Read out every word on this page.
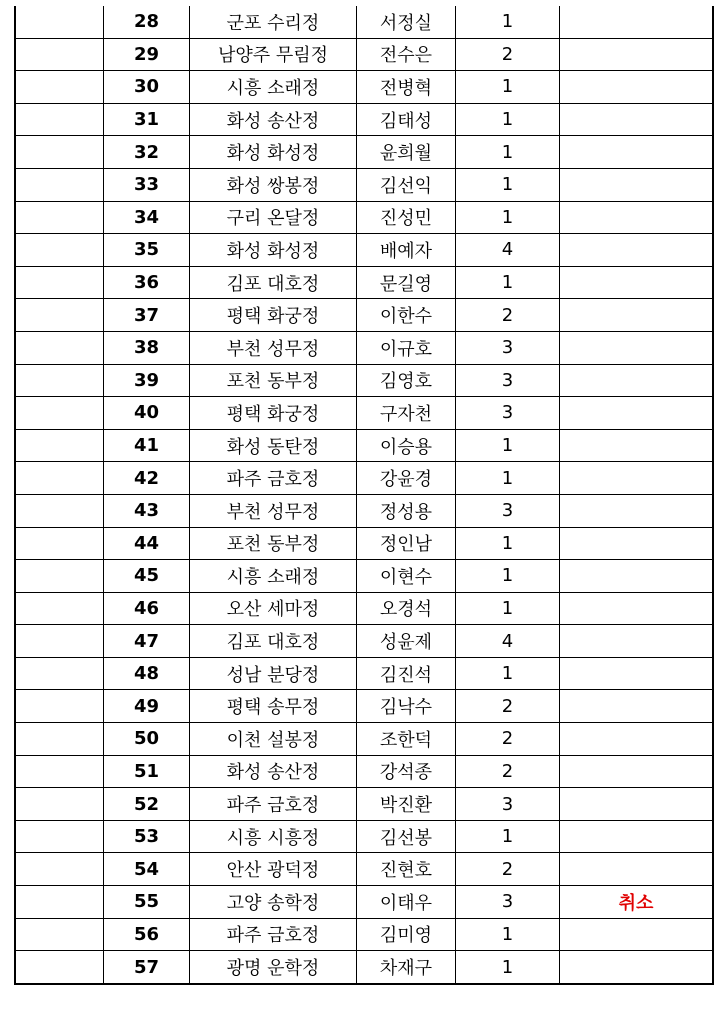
	28	군포 수리정	서정실	1	
	29	남양주 무림정	전수은	2	
	30	시흥 소래정	전병혁	1	
	31	화성 송산정	김태성	1	
	32	화성 화성정	윤희월	1	
	33	화성 쌍봉정	김선익	1	
	34	구리 온달정	진성민	1	
	35	화성 화성정	배예자	4	
	36	김포 대호정	문길영	1	
	37	평택 화궁정	이한수	2	
	38	부천 성무정	이규호	3	
	39	포천 동부정	김영호	3	
	40	평택 화궁정	구자천	3	
	41	화성 동탄정	이승용	1	
	42	파주 금호정	강윤경	1	
	43	부천 성무정	정성용	3	
	44	포천 동부정	정인남	1	
	45	시흥 소래정	이현수	1	
	46	오산 세마정	오경석	1	
	47	김포 대호정	성윤제	4	
	48	성남 분당정	김진석	1	
	49	평택 송무정	김낙수	2	
	50	이천 설봉정	조한덕	2	
	51	화성 송산정	강석종	2	
	52	파주 금호정	박진환	3	
	53	시흥 시흥정	김선봉	1	
	54	안산 광덕정	진현호	2	
	55	고양 송학정	이태우	3	취소
	56	파주 금호정	김미영	1	
	57	광명 운학정	차재구	1	
